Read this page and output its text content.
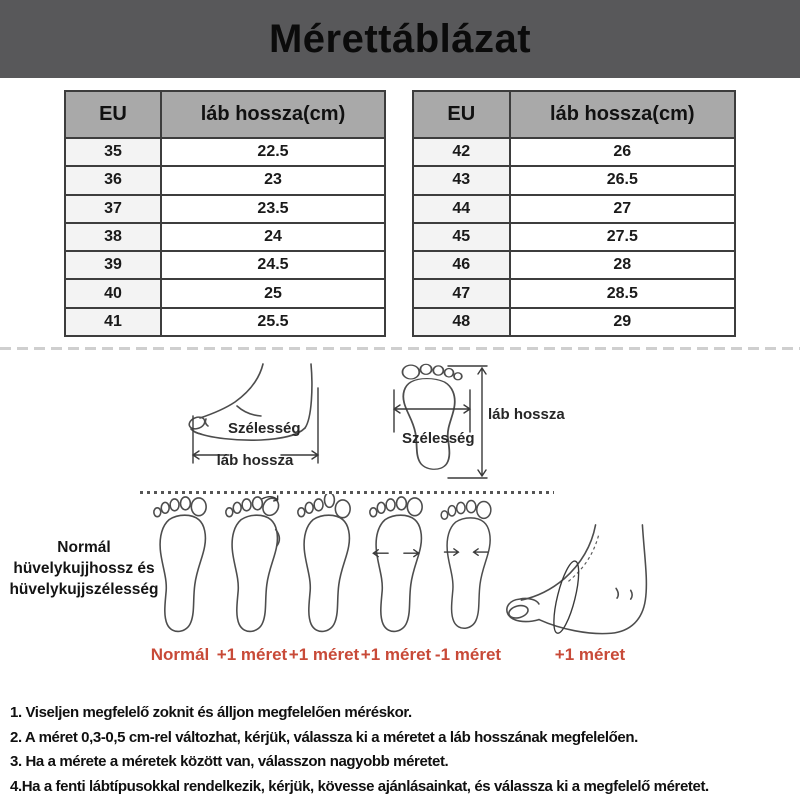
Mérettáblázat
EU	láb hossza(cm)
35	22.5
36	23
37	23.5
38	24
39	24.5
40	25
41	25.5
EU	láb hossza(cm)
42	26
43	26.5
44	27
45	27.5
46	28
47	28.5
48	29
Szélesség
láb hossza
Szélesség
láb hossza
Normál
hüvelykujjhossz és
hüvelykujjszélesség
Normál +1 méret +1 méret +1 méret -1 méret	+1 méret
1. Viseljen megfelelő zoknit és álljon megfelelően méréskor.
2. A méret 0,3-0,5 cm-rel változhat, kérjük, válassza ki a méretet a láb hosszának megfelelően.
3. Ha a mérete a méretek között van, válasszon nagyobb méretet.
4.Ha a fenti lábtípusokkal rendelkezik, kérjük, kövesse ajánlásainkat, és válassza ki a megfelelő méretet.
